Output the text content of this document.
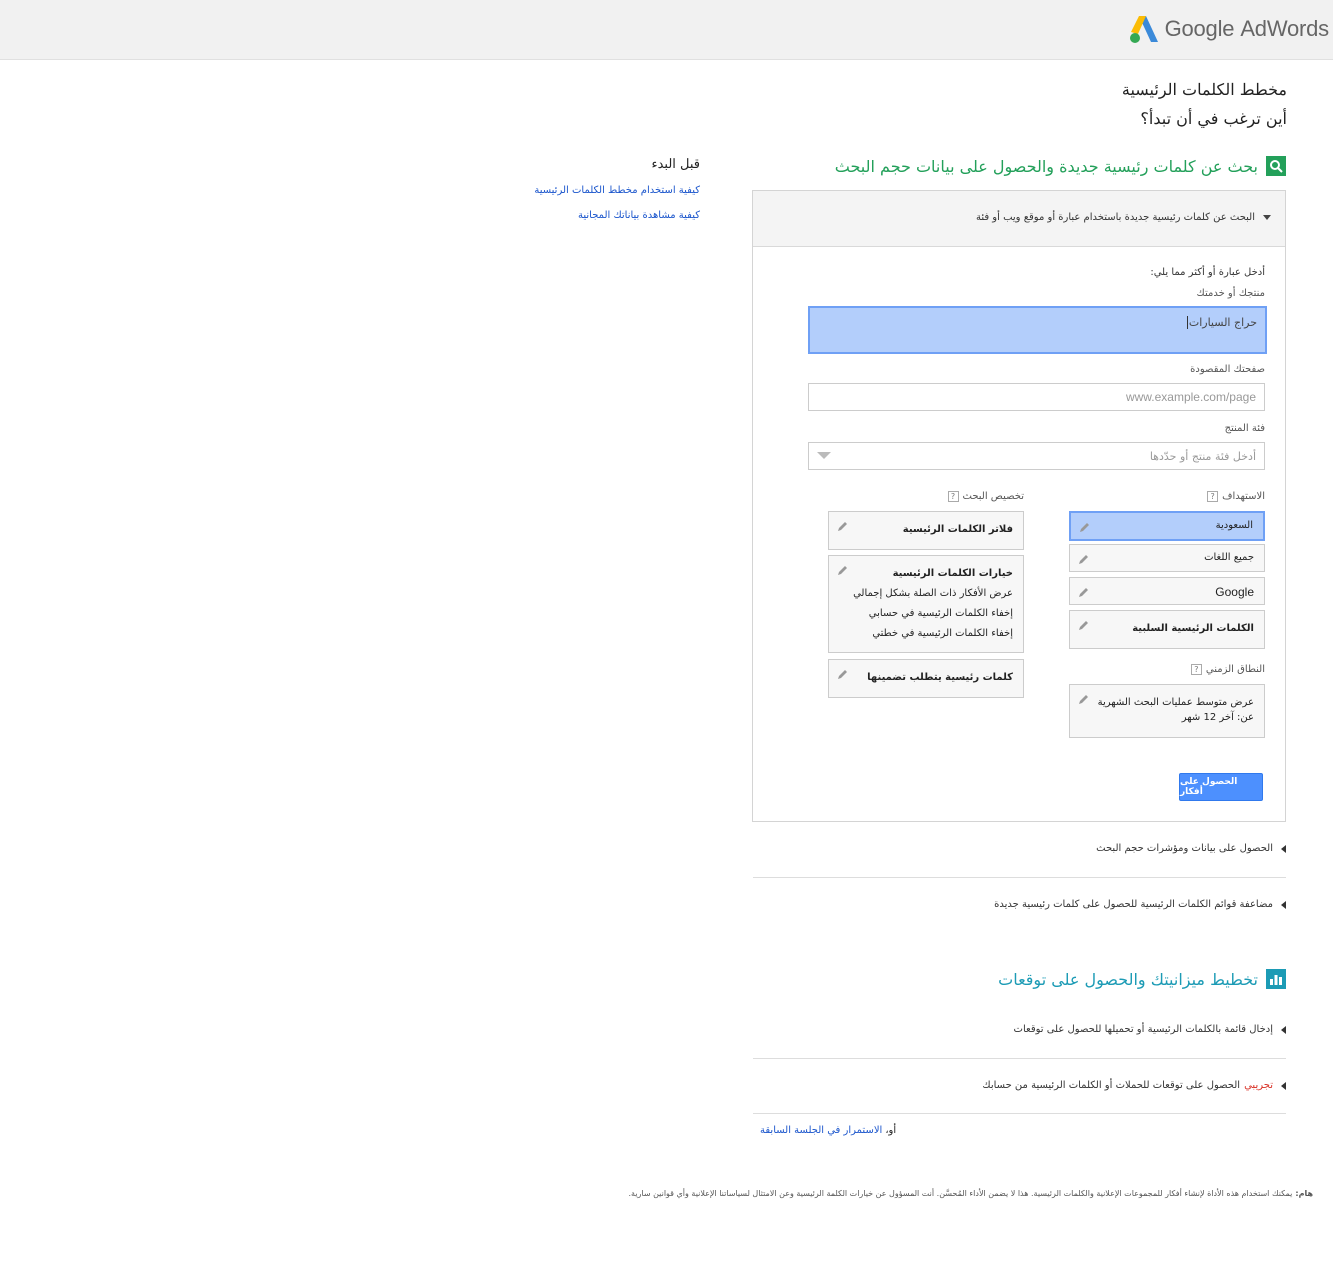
Google AdWords
مخطط الكلمات الرئيسية
أين ترغب في أن تبدأ؟
قبل البدء
كيفية استخدام مخطط الكلمات الرئيسية
كيفية مشاهدة بياناتك المجانية
بحث عن كلمات رئيسية جديدة والحصول على بيانات حجم البحث
البحث عن كلمات رئيسية جديدة باستخدام عبارة أو موقع ويب أو فئة
أدخل عبارة أو أكثر مما يلي:
منتجك أو خدمتك
حراج السيارات
صفحتك المقصودة
www.example.com/page
فئة المنتج
أدخل فئة منتج أو حدّدها
الاستهداف
?
السعودية
جميع اللغات
Google
الكلمات الرئيسية السلبية
النطاق الزمني
?
عرض متوسط عمليات البحث الشهرية
عن: آخر 12 شهر
تخصيص البحث
?
فلاتر الكلمات الرئيسية
خيارات الكلمات الرئيسية
عرض الأفكار ذات الصلة بشكل إجمالي
إخفاء الكلمات الرئيسية في حسابي
إخفاء الكلمات الرئيسية في خطتي
كلمات رئيسية يتطلب تضمينها
الحصول على أفكار
الحصول على بيانات ومؤشرات حجم البحث
مضاعفة قوائم الكلمات الرئيسية للحصول على كلمات رئيسية جديدة
تخطيط ميزانيتك والحصول على توقعات
إدخال قائمة بالكلمات الرئيسية أو تحميلها للحصول على توقعات
تجريبي
الحصول على توقعات للحملات أو الكلمات الرئيسية من حسابك
أو،
الاستمرار في الجلسة السابقة
هام:
يمكنك استخدام هذه الأداة لإنشاء أفكار للمجموعات الإعلانية والكلمات الرئيسية. هذا لا يضمن الأداء المُحسَّن. أنت المسؤول عن خيارات الكلمة الرئيسية وعن الامتثال لسياساتنا الإعلانية وأي قوانين سارية.
